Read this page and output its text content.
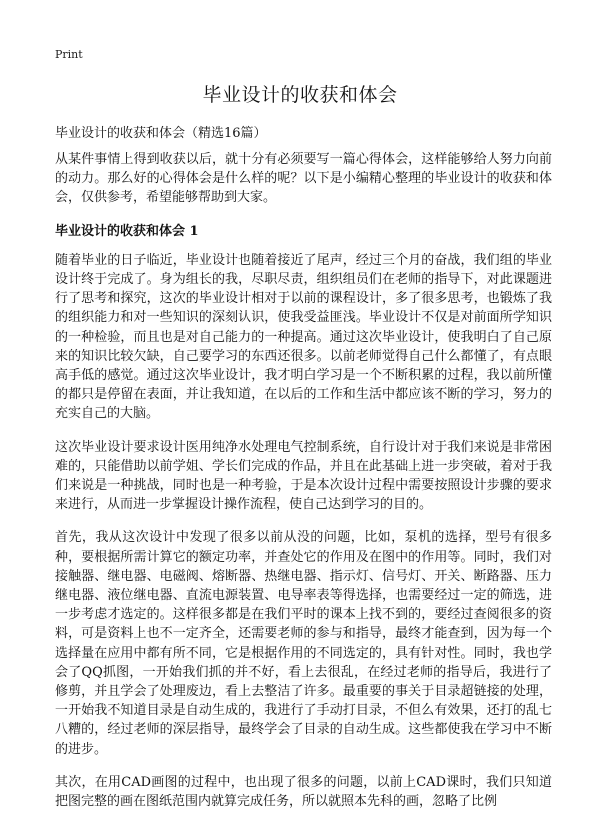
Print
毕业设计的收获和体会

毕业设计的收获和体会（精选16篇）

从某件事情上得到收获以后，就十分有必须要写一篇心得体会，这样能够给人努力向前的动力。那么好的心得体会是什么样的呢？以下是小编精心整理的毕业设计的收获和体会，仅供参考，希望能够帮助到大家。

毕业设计的收获和体会 1

随着毕业的日子临近，毕业设计也随着接近了尾声，经过三个月的奋战，我们组的毕业设计终于完成了。身为组长的我，尽职尽责，组织组员们在老师的指导下，对此课题进行了思考和探究，这次的毕业设计相对于以前的课程设计，多了很多思考，也锻炼了我的组织能力和对一些知识的深刻认识，使我受益匪浅。毕业设计不仅是对前面所学知识的一种检验，而且也是对自己能力的一种提高。通过这次毕业设计，使我明白了自己原来的知识比较欠缺，自己要学习的东西还很多。以前老师觉得自己什么都懂了，有点眼高手低的感觉。通过这次毕业设计，我才明白学习是一个不断积累的过程，我以前所懂的都只是停留在表面，并让我知道，在以后的工作和生活中都应该不断的学习，努力的充实自己的大脑。

这次毕业设计要求设计医用纯净水处理电气控制系统，自行设计对于我们来说是非常困难的，只能借助以前学姐、学长们完成的作品，并且在此基础上进一步突破，着对于我们来说是一种挑战，同时也是一种考验，于是本次设计过程中需要按照设计步骤的要求来进行，从而进一步掌握设计操作流程，使自己达到学习的目的。

首先，我从这次设计中发现了很多以前从没的问题，比如，泵机的选择，型号有很多种，要根据所需计算它的额定功率，并查处它的作用及在图中的作用等。同时，我们对接触器、继电器、电磁阀、熔断器、热继电器、指示灯、信号灯、开关、断路器、压力继电器、液位继电器、直流电源装置、电导率表等得选择，也需要经过一定的筛选，进一步考虑才选定的。这样很多都是在我们平时的课本上找不到的，要经过查阅很多的资料，可是资料上也不一定齐全，还需要老师的参与和指导，最终才能查到，因为每一个选择量在应用中都有所不同，它是根据作用的不同选定的，具有针对性。同时，我也学会了QQ抓图，一开始我们抓的并不好，看上去很乱，在经过老师的指导后，我进行了修剪，并且学会了处理废边，看上去整洁了许多。最重要的事关于目录超链接的处理，一开始我不知道目录是自动生成的，我进行了手动打目录，不但么有效果，还打的乱七八糟的，经过老师的深层指导，最终学会了目录的自动生成。这些都使我在学习中不断的进步。

其次，在用CAD画图的过程中，也出现了很多的问题，以前上CAD课时，我们只知道把图完整的画在图纸范围内就算完成任务，所以就照本先科的画，忽略了比例
